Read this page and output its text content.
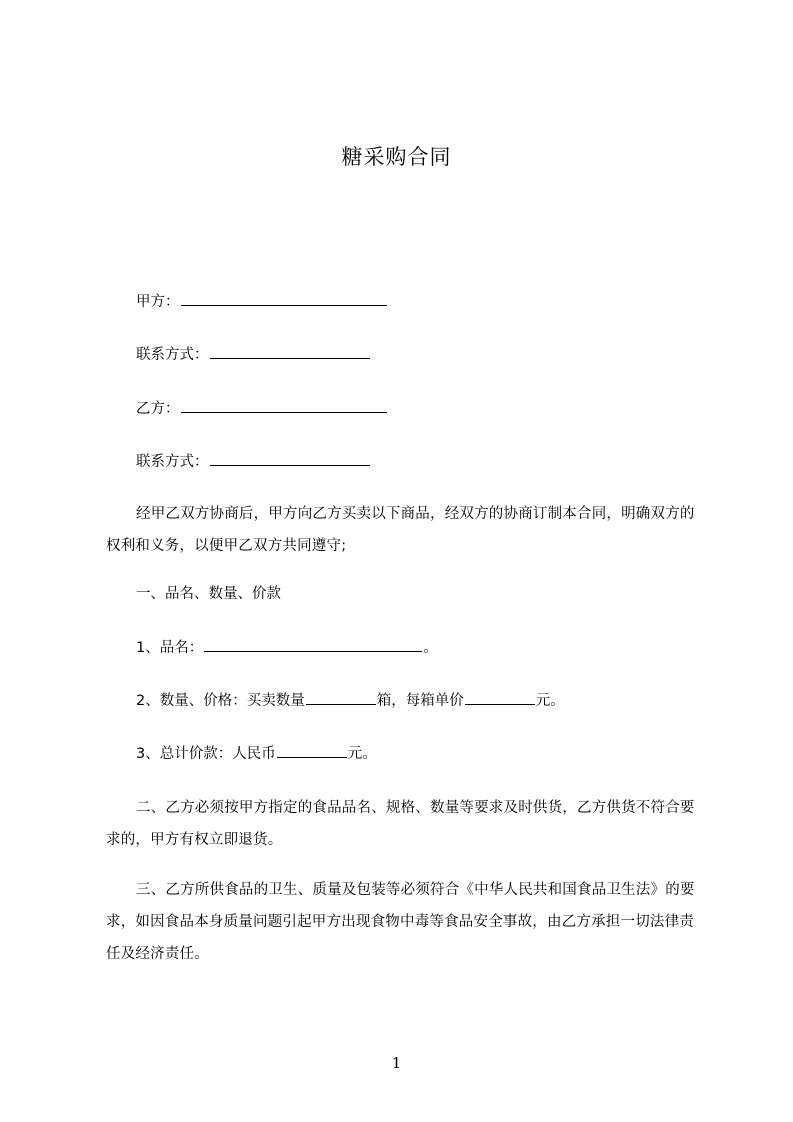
糖采购合同
甲方：
联系方式：
乙方：
联系方式：
经甲乙双方协商后，甲方向乙方买卖以下商品，经双方的协商订制本合同，明确双方的权利和义务，以便甲乙双方共同遵守;
一、品名、数量、价款
1、品名：	。
2、数量、价格：买卖数量	箱，每箱单价	元。
3、总计价款：人民币	元。
二、乙方必须按甲方指定的食品品名、规格、数量等要求及时供货，乙方供货不符合要求的，甲方有权立即退货。
三、乙方所供食品的卫生、质量及包装等必须符合《中华人民共和国食品卫生法》的要求，如因食品本身质量问题引起甲方出现食物中毒等食品安全事故，由乙方承担一切法律责任及经济责任。
1
